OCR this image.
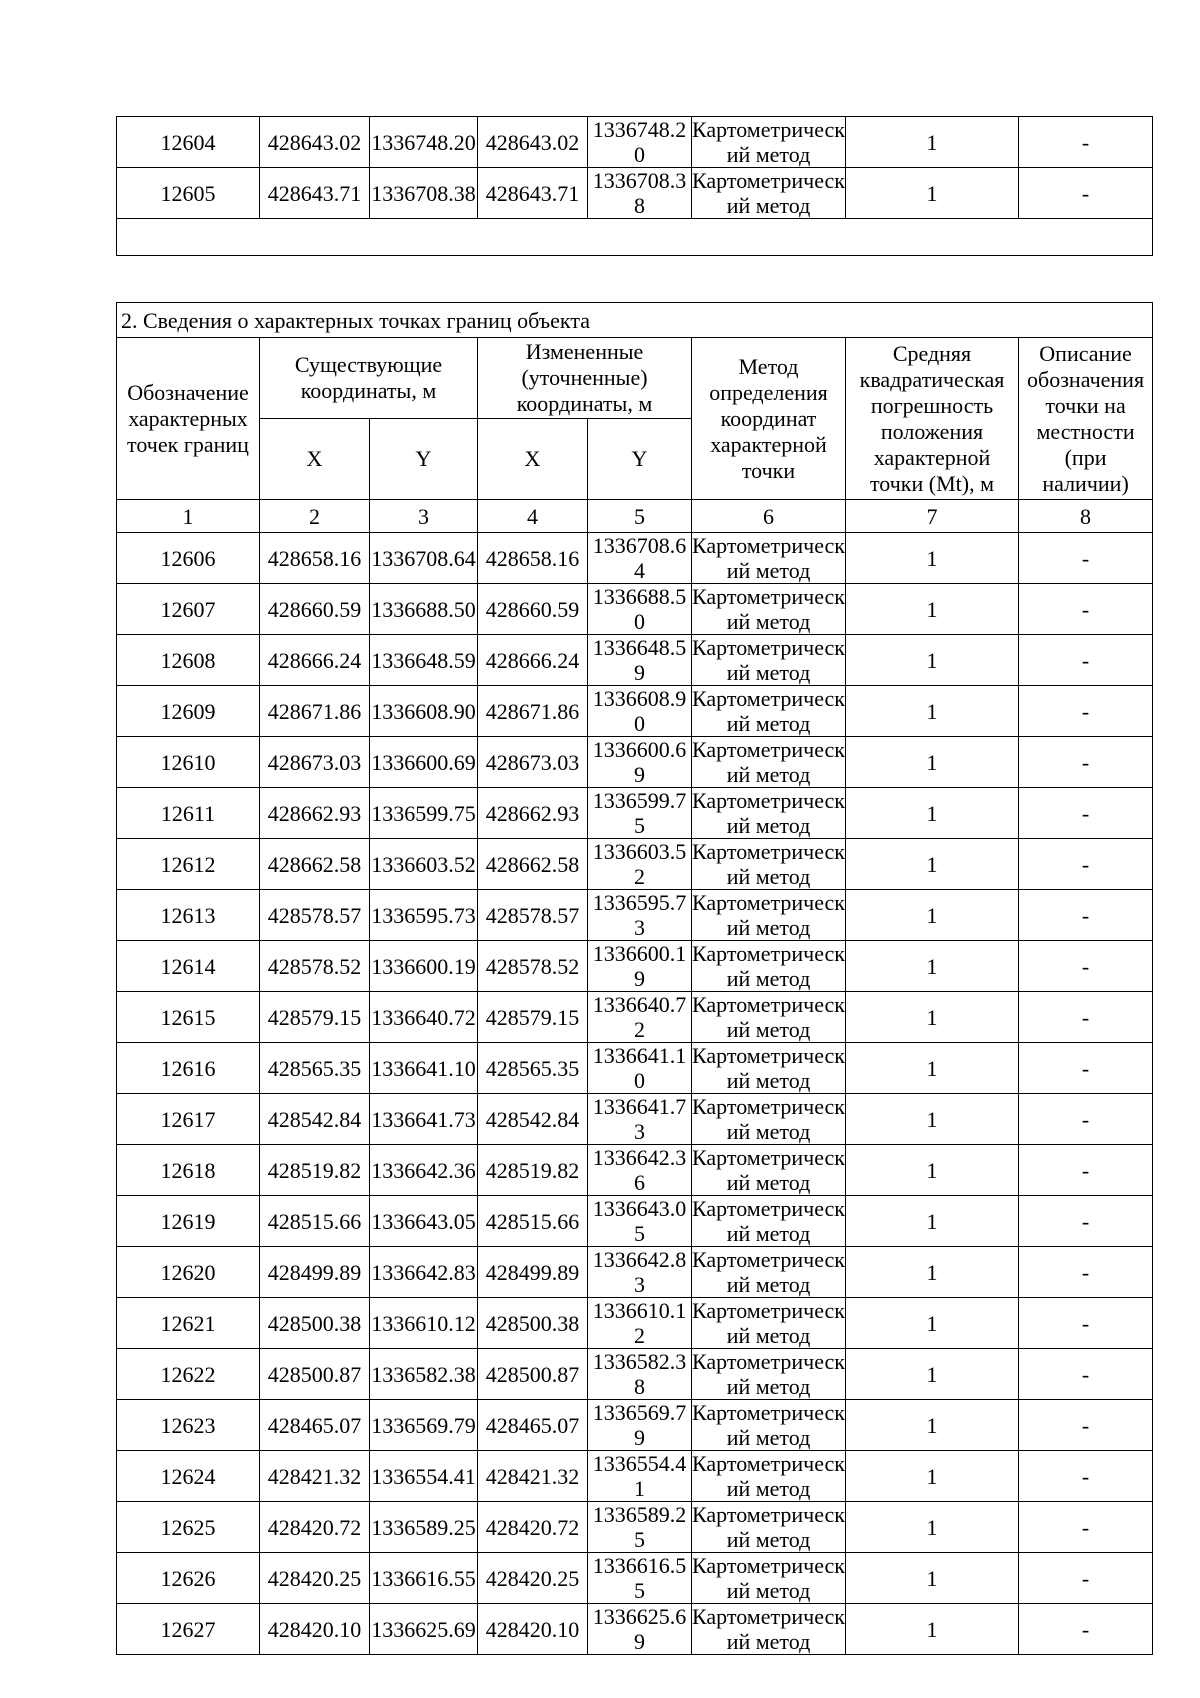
12604	428643.02	1336748.20	428643.02	1336748.20	Картометрический метод	1	-
12605	428643.71	1336708.38	428643.71	1336708.38	Картометрический метод	1	-

2. Сведения о характерных точках границ объекта							
Обозначение характерных точек границ	Существующие координаты, м		Измененные (уточненные) координаты, м		Метод определения координат характерной точки	Средняя квадратическая погрешность положения характерной точки (Mt), м	Описание обозначения точки на местности (при наличии)
	X	Y	X	Y			
1	2	3	4	5	6	7	8
12606	428658.16	1336708.64	428658.16	1336708.64	Картометрический метод	1	-
12607	428660.59	1336688.50	428660.59	1336688.50	Картометрический метод	1	-
12608	428666.24	1336648.59	428666.24	1336648.59	Картометрический метод	1	-
12609	428671.86	1336608.90	428671.86	1336608.90	Картометрический метод	1	-
12610	428673.03	1336600.69	428673.03	1336600.69	Картометрический метод	1	-
12611	428662.93	1336599.75	428662.93	1336599.75	Картометрический метод	1	-
12612	428662.58	1336603.52	428662.58	1336603.52	Картометрический метод	1	-
12613	428578.57	1336595.73	428578.57	1336595.73	Картометрический метод	1	-
12614	428578.52	1336600.19	428578.52	1336600.19	Картометрический метод	1	-
12615	428579.15	1336640.72	428579.15	1336640.72	Картометрический метод	1	-
12616	428565.35	1336641.10	428565.35	1336641.10	Картометрический метод	1	-
12617	428542.84	1336641.73	428542.84	1336641.73	Картометрический метод	1	-
12618	428519.82	1336642.36	428519.82	1336642.36	Картометрический метод	1	-
12619	428515.66	1336643.05	428515.66	1336643.05	Картометрический метод	1	-
12620	428499.89	1336642.83	428499.89	1336642.83	Картометрический метод	1	-
12621	428500.38	1336610.12	428500.38	1336610.12	Картометрический метод	1	-
12622	428500.87	1336582.38	428500.87	1336582.38	Картометрический метод	1	-
12623	428465.07	1336569.79	428465.07	1336569.79	Картометрический метод	1	-
12624	428421.32	1336554.41	428421.32	1336554.41	Картометрический метод	1	-
12625	428420.72	1336589.25	428420.72	1336589.25	Картометрический метод	1	-
12626	428420.25	1336616.55	428420.25	1336616.55	Картометрический метод	1	-
12627	428420.10	1336625.69	428420.10	1336625.69	Картометрический метод	1	-
